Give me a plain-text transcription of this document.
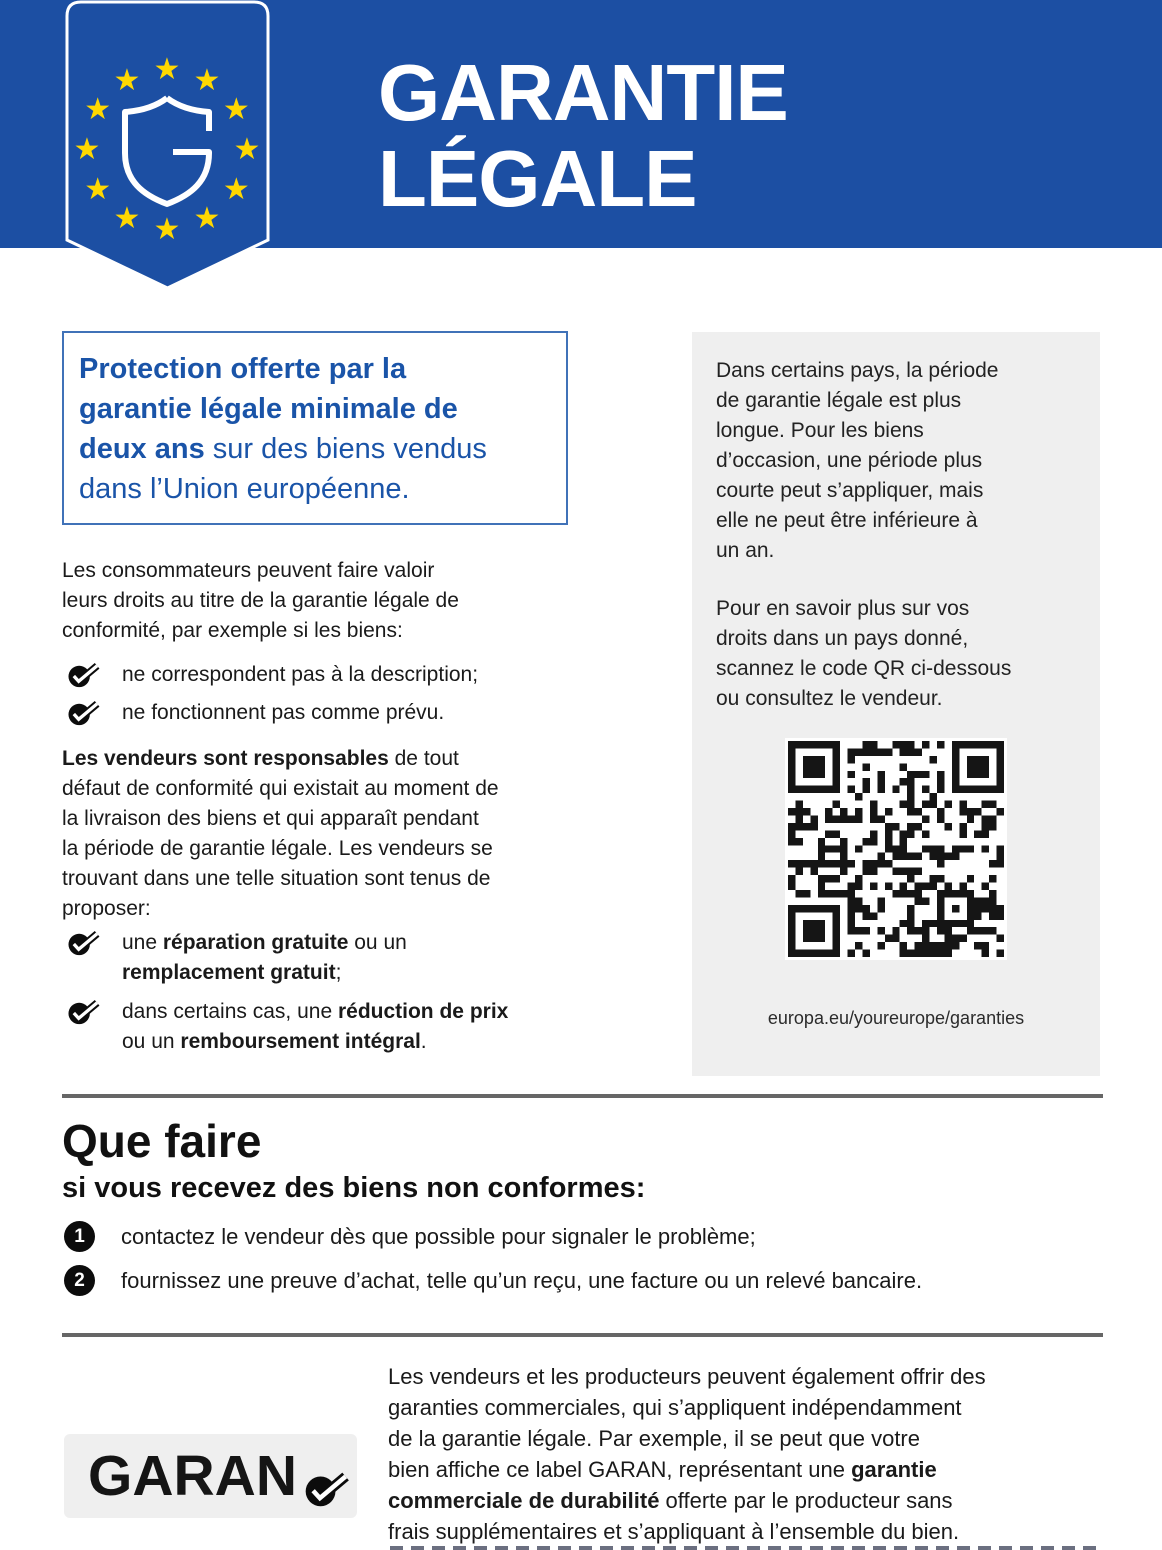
GARANTIE
LÉGALE
★ ★
★
★
★
★
★
★
★
★
★
★
Protection offerte par la
garantie légale minimale de
deux ans sur des biens vendus
dans l’Union européenne.
Les consommateurs peuvent faire valoir
leurs droits au titre de la garantie légale de
conformité, par exemple si les biens:
ne correspondent pas à la description;
ne fonctionnent pas comme prévu.
Les vendeurs sont responsables de tout
défaut de conformité qui existait au moment de
la livraison des biens et qui apparaît pendant
la période de garantie légale. Les vendeurs se
trouvant dans une telle situation sont tenus de
proposer:
une réparation gratuite ou un
remplacement gratuit;
dans certains cas, une réduction de prix
ou un remboursement intégral.
Dans certains pays, la période
de garantie légale est plus
longue. Pour les biens
d’occasion, une période plus
courte peut s’appliquer, mais
elle ne peut être inférieure à
un an.
Pour en savoir plus sur vos
droits dans un pays donné,
scannez le code QR ci-dessous
ou consultez le vendeur.
europa.eu/youreurope/garanties
Que faire
si vous recevez des biens non conformes:
1	contactez le vendeur dès que possible pour signaler le problème;
2	fournissez une preuve d’achat, telle qu’un reçu, une facture ou un relevé bancaire.
GARAN
Les vendeurs et les producteurs peuvent également offrir des
garanties commerciales, qui s’appliquent indépendamment
de la garantie légale. Par exemple, il se peut que votre
bien affiche ce label GARAN, représentant une garantie
commerciale de durabilité offerte par le producteur sans
frais supplémentaires et s’appliquant à l’ensemble du bien.
